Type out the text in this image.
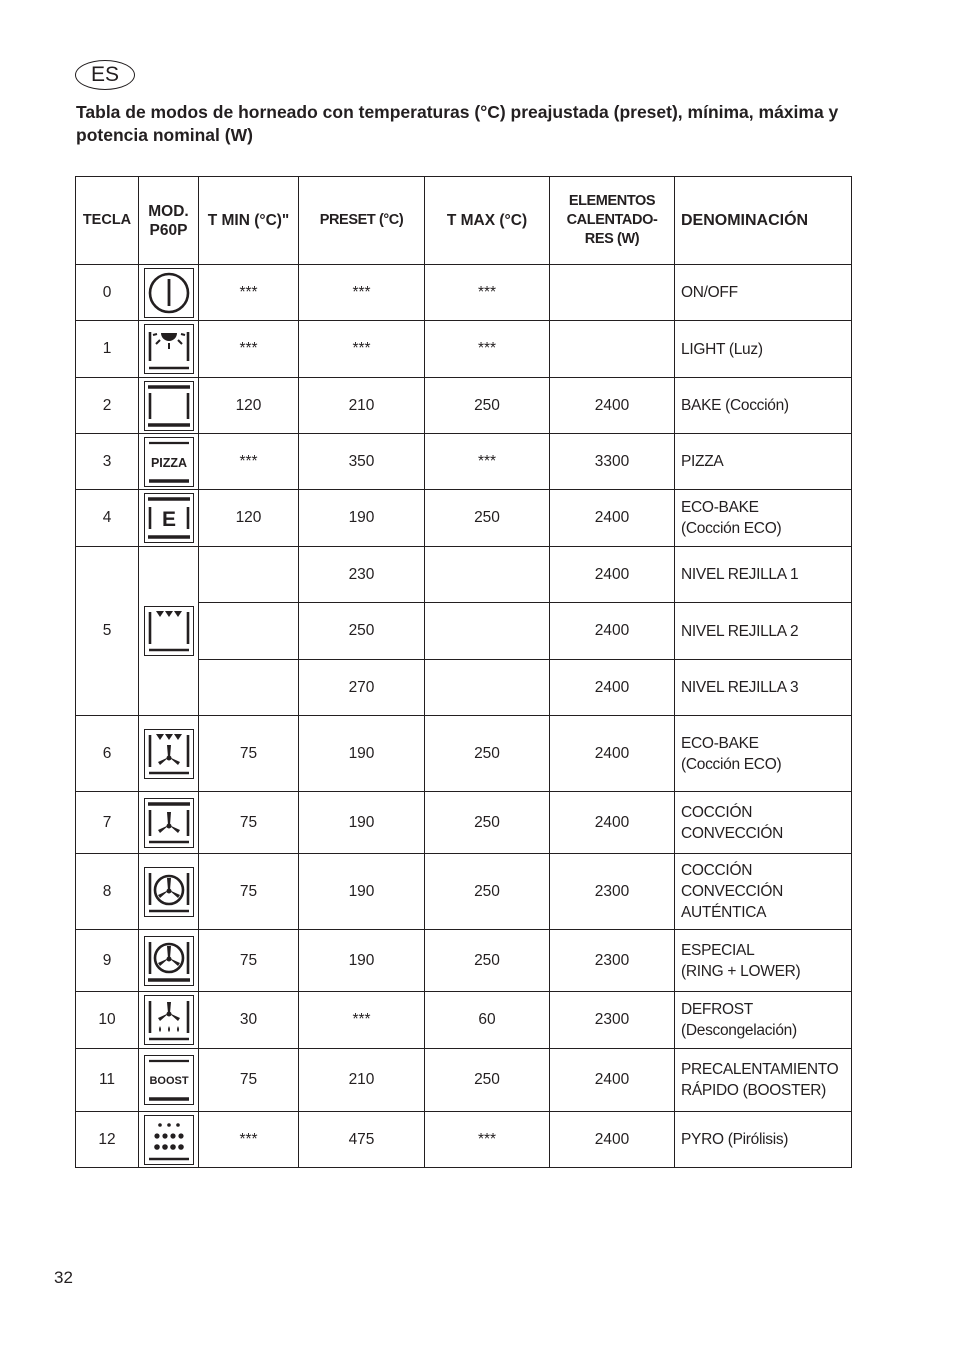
ES
Tabla de modos de horneado con temperaturas (°C) preajustada (preset), mínima, máxima y potencia nominal (W)
TECLA	MOD. P60P	T MIN (°C)"	PRESET (°C)	T MAX (°C)	ELEMENTOS CALENTADO-RES (W)	DENOMINACIÓN
0		***	***	***		ON/OFF
1		***	***	***		LIGHT (Luz)
2		120	210	250	2400	BAKE (Cocción)
3	PIZZA	***	350	***	3300	PIZZA
4	E	120	190	250	2400	ECO-BAKE
(Cocción ECO)
5			230		2400	NIVEL REJILLA 1
			250		2400	NIVEL REJILLA 2
			270		2400	NIVEL REJILLA 3
6		75	190	250	2400	ECO-BAKE
(Cocción ECO)
7		75	190	250	2400	COCCIÓN
CONVECCIÓN
8		75	190	250	2300	COCCIÓN
CONVECCIÓN
AUTÉNTICA
9		75	190	250	2300	ESPECIAL
(RING + LOWER)
10		30	***	60	2300	DEFROST
(Descongelación)
11	BOOST	75	210	250	2400	PRECALENTAMIENTO
RÁPIDO (BOOSTER)
12		***	475	***	2400	PYRO (Pirólisis)
32
